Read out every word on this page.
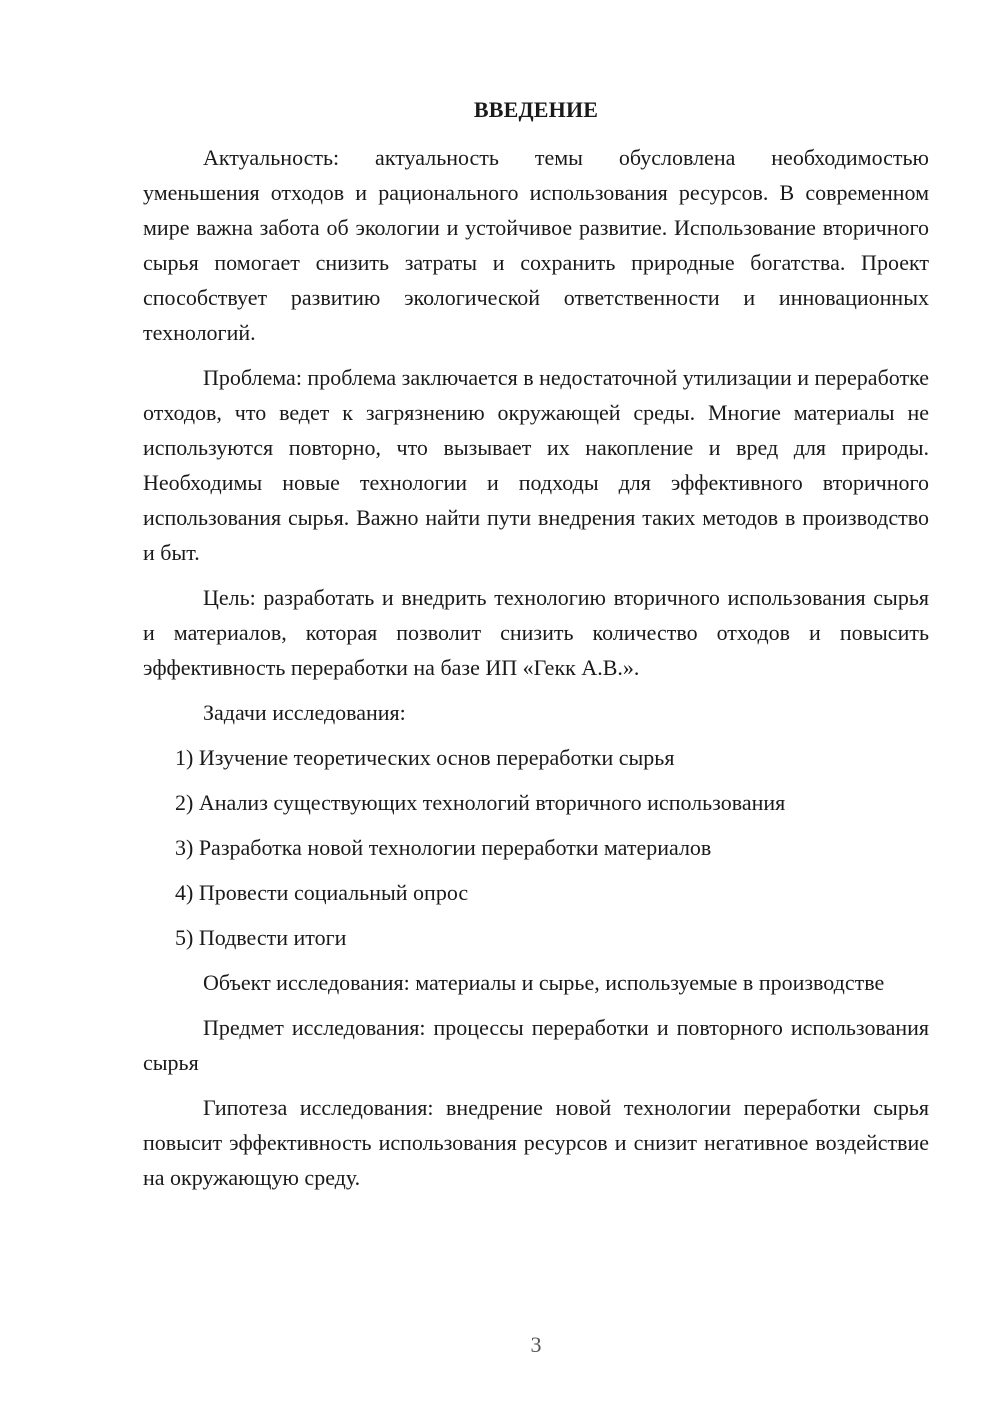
ВВЕДЕНИЕ

Актуальность: актуальность темы обусловлена необходимостью уменьшения отходов и рационального использования ресурсов. В современном мире важна забота об экологии и устойчивое развитие. Использование вторичного сырья помогает снизить затраты и сохранить природные богатства. Проект способствует развитию экологической ответственности и инновационных технологий.

Проблема: проблема заключается в недостаточной утилизации и переработке отходов, что ведет к загрязнению окружающей среды. Многие материалы не используются повторно, что вызывает их накопление и вред для природы. Необходимы новые технологии и подходы для эффективного вторичного использования сырья. Важно найти пути внедрения таких методов в производство и быт.

Цель: разработать и внедрить технологию вторичного использования сырья и материалов, которая позволит снизить количество отходов и повысить эффективность переработки на базе ИП «Гекк А.В.».

Задачи исследования:

1) Изучение теоретических основ переработки сырья
2) Анализ существующих технологий вторичного использования
3) Разработка новой технологии переработки материалов
4) Провести социальный опрос
5) Подвести итоги

Объект исследования: материалы и сырье, используемые в производстве

Предмет исследования: процессы переработки и повторного использования сырья

Гипотеза исследования: внедрение новой технологии переработки сырья повысит эффективность использования ресурсов и снизит негативное воздействие на окружающую среду.

3
